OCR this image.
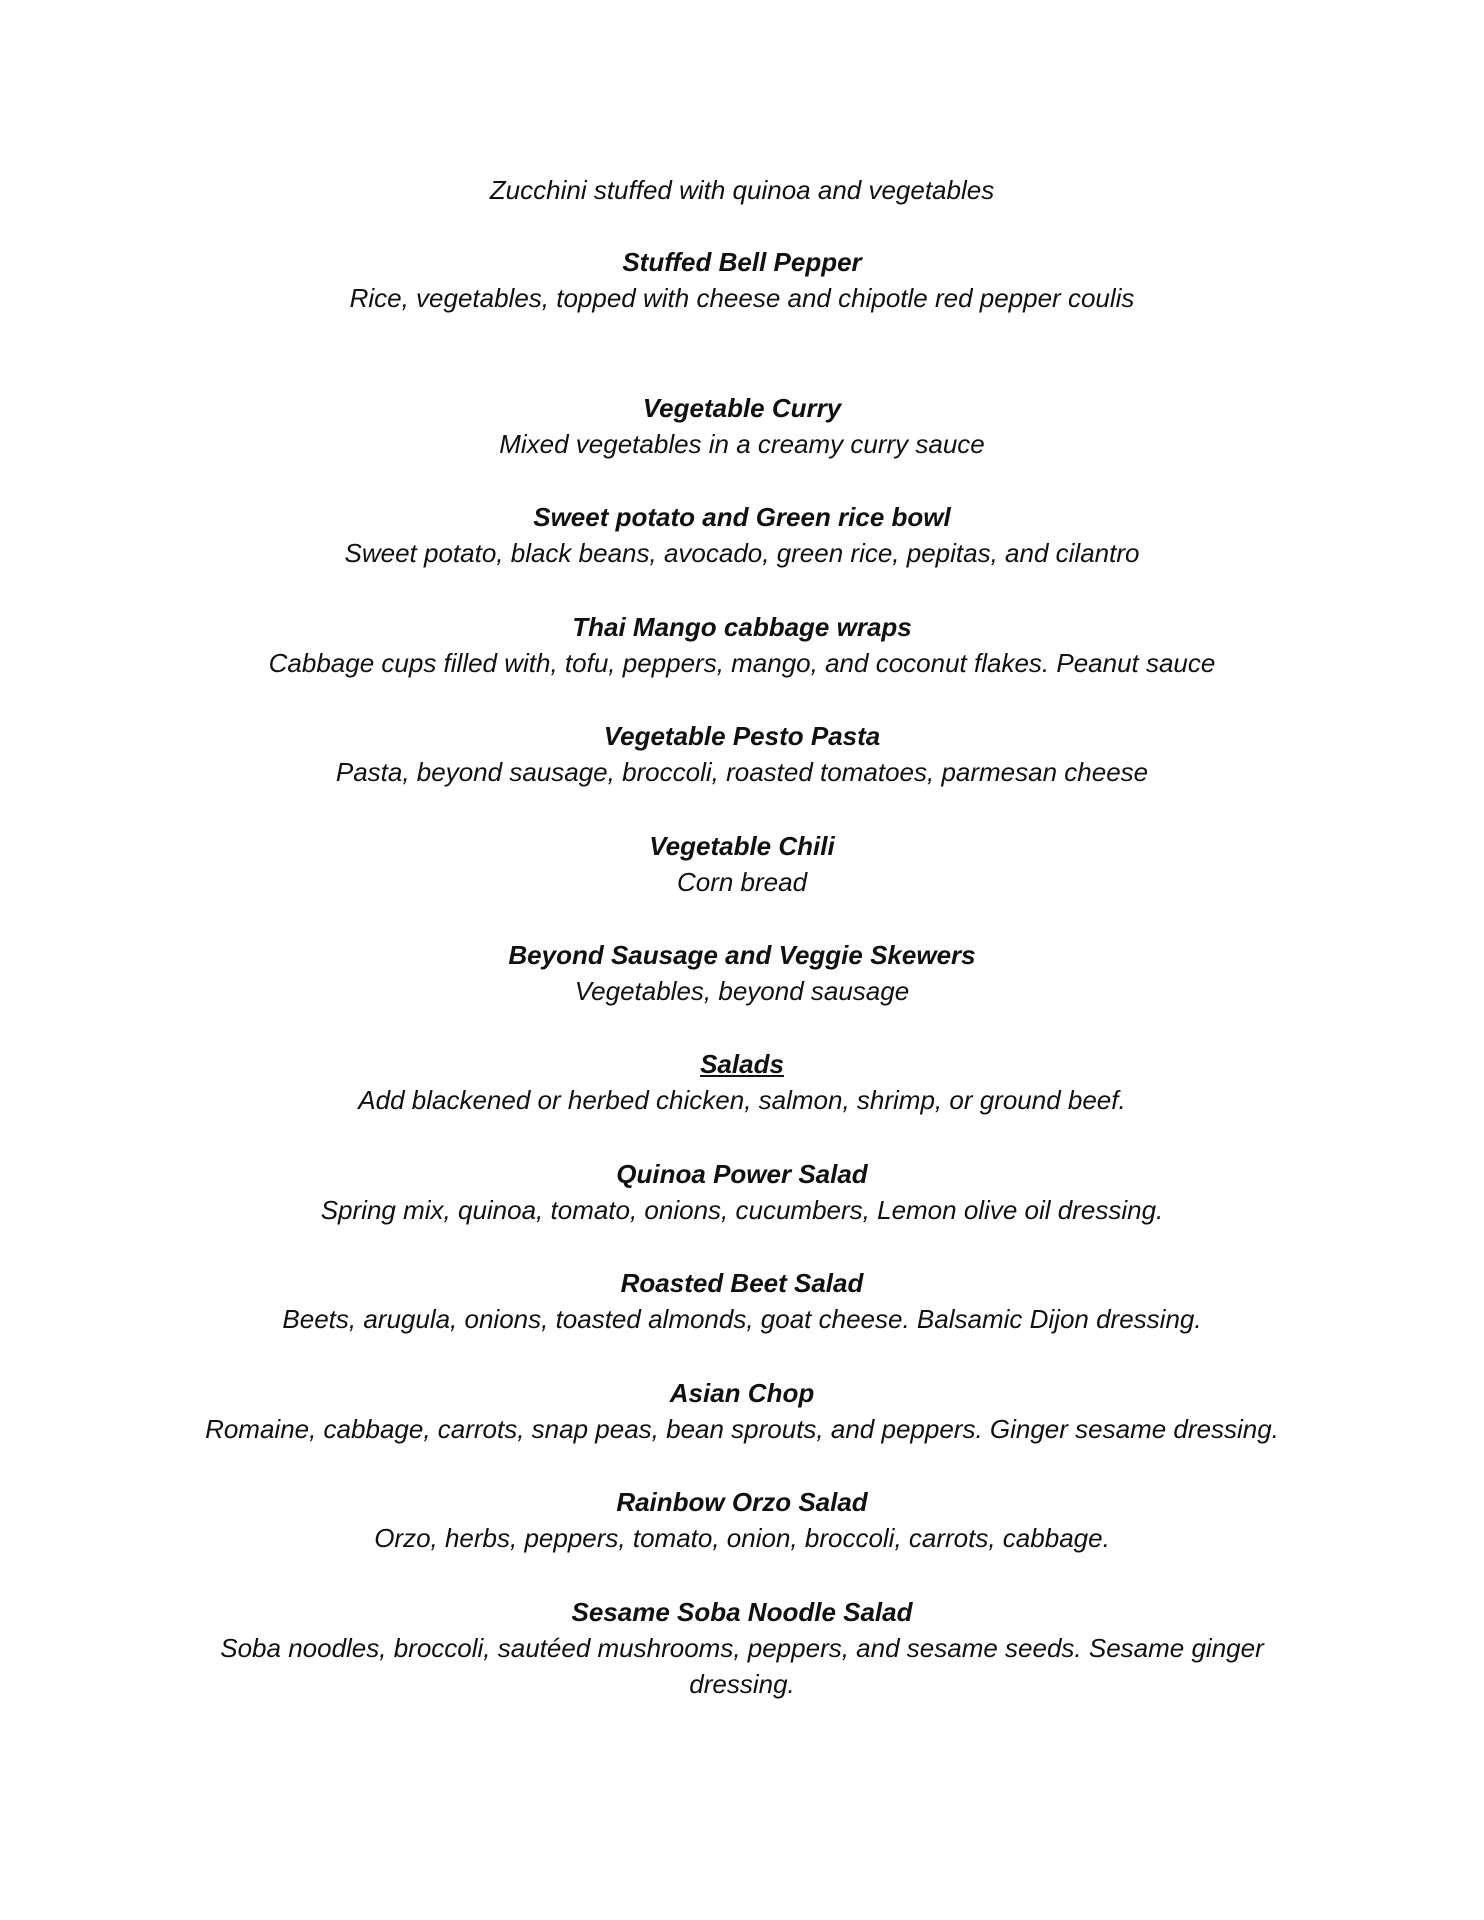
Zucchini stuffed with quinoa and vegetables
Stuffed Bell Pepper
Rice, vegetables, topped with cheese and chipotle red pepper coulis
Vegetable Curry
Mixed vegetables in a creamy curry sauce
Sweet potato and Green rice bowl
Sweet potato, black beans, avocado, green rice, pepitas, and cilantro
Thai Mango cabbage wraps
Cabbage cups filled with, tofu, peppers, mango, and coconut flakes. Peanut sauce
Vegetable Pesto Pasta
Pasta, beyond sausage, broccoli, roasted tomatoes, parmesan cheese
Vegetable Chili
Corn bread
Beyond Sausage and Veggie Skewers
Vegetables, beyond sausage
Salads
Add blackened or herbed chicken, salmon, shrimp, or ground beef.
Quinoa Power Salad
Spring mix, quinoa, tomato, onions, cucumbers, Lemon olive oil dressing.
Roasted Beet Salad
Beets, arugula, onions, toasted almonds, goat cheese. Balsamic Dijon dressing.
Asian Chop
Romaine, cabbage, carrots, snap peas, bean sprouts, and peppers. Ginger sesame dressing.
Rainbow Orzo Salad
Orzo, herbs, peppers, tomato, onion, broccoli, carrots, cabbage.
Sesame Soba Noodle Salad
Soba noodles, broccoli, sautéed mushrooms, peppers, and sesame seeds. Sesame ginger
dressing.
